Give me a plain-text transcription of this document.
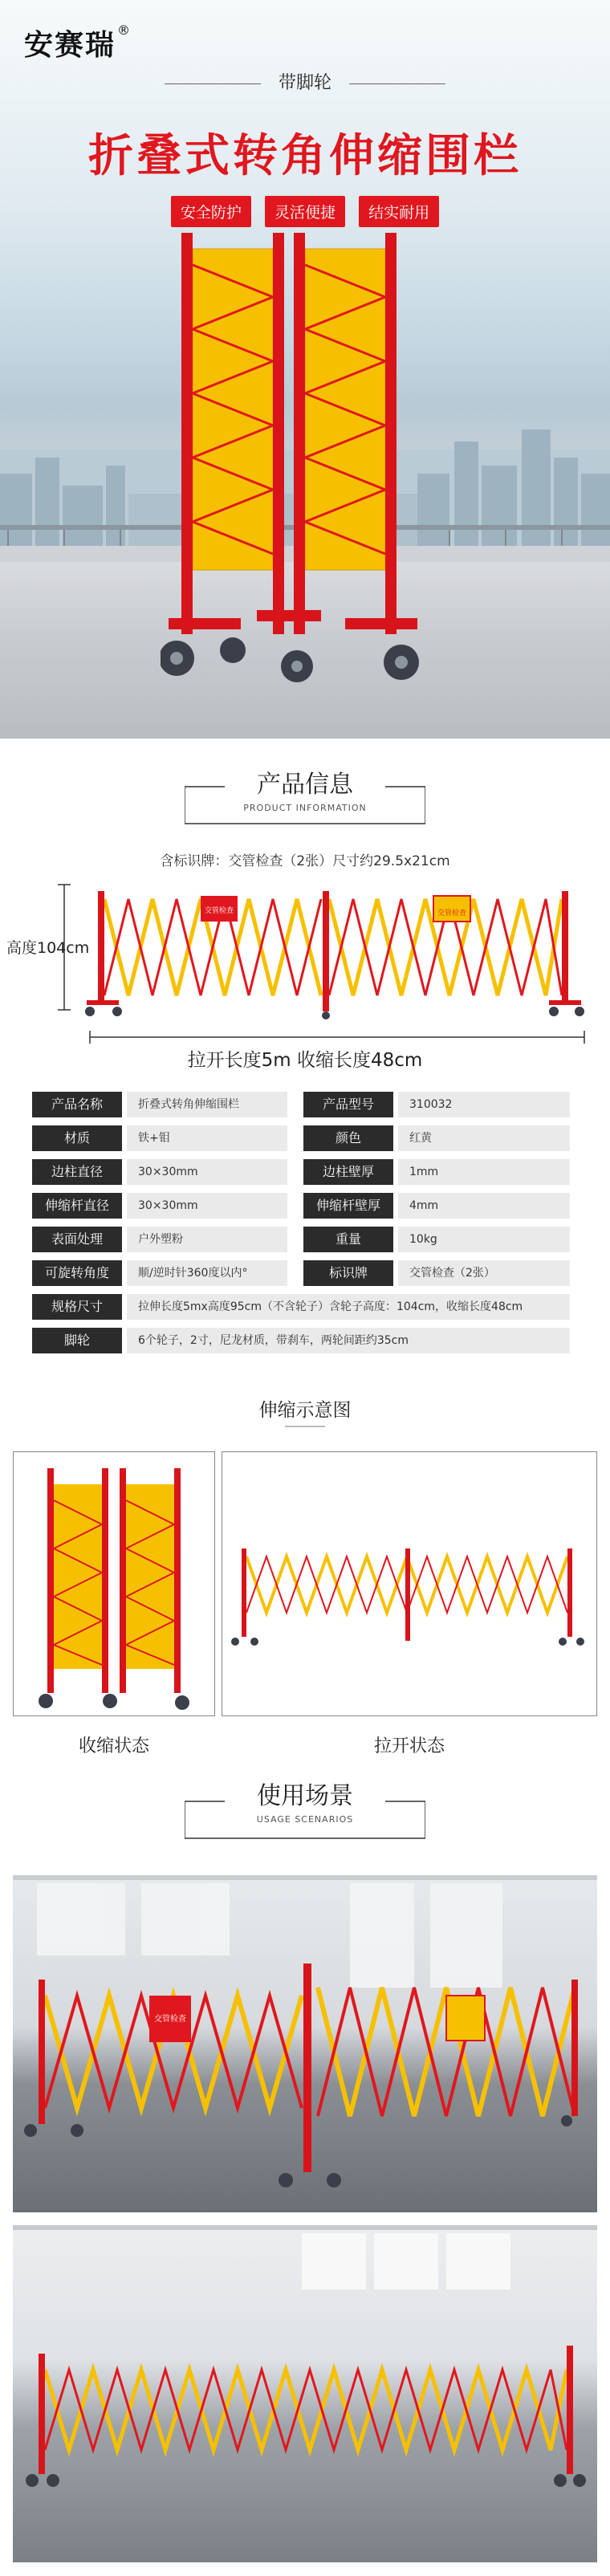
安赛瑞 ®
带脚轮
折叠式转角伸缩围栏
安全防护 灵活便捷 结实耐用
产品信息
PRODUCT INFORMATION
含标识牌：交管检查（2张）尺寸约29.5x21cm
交管检查	交管检查
高度104cm
拉开长度5m 收缩长度48cm
产品名称	折叠式转角伸缩围栏	产品型号	310032
材质	铁+钼	颜色	红黄
边柱直径	30×30mm	边柱壁厚	1mm
伸缩杆直径	30×30mm	伸缩杆壁厚	4mm
表面处理	户外塑粉	重量	10kg
可旋转角度	顺/逆时针360度以内°	标识牌	交管检查（2张）
规格尺寸	拉伸长度5mx高度95cm（不含轮子）含轮子高度：104cm，收缩长度48cm
脚轮	6个轮子，2寸，尼龙材质，带刹车，两轮间距约35cm
伸缩示意图
收缩状态	拉开状态
使用场景
USAGE SCENARIOS
交管检查
